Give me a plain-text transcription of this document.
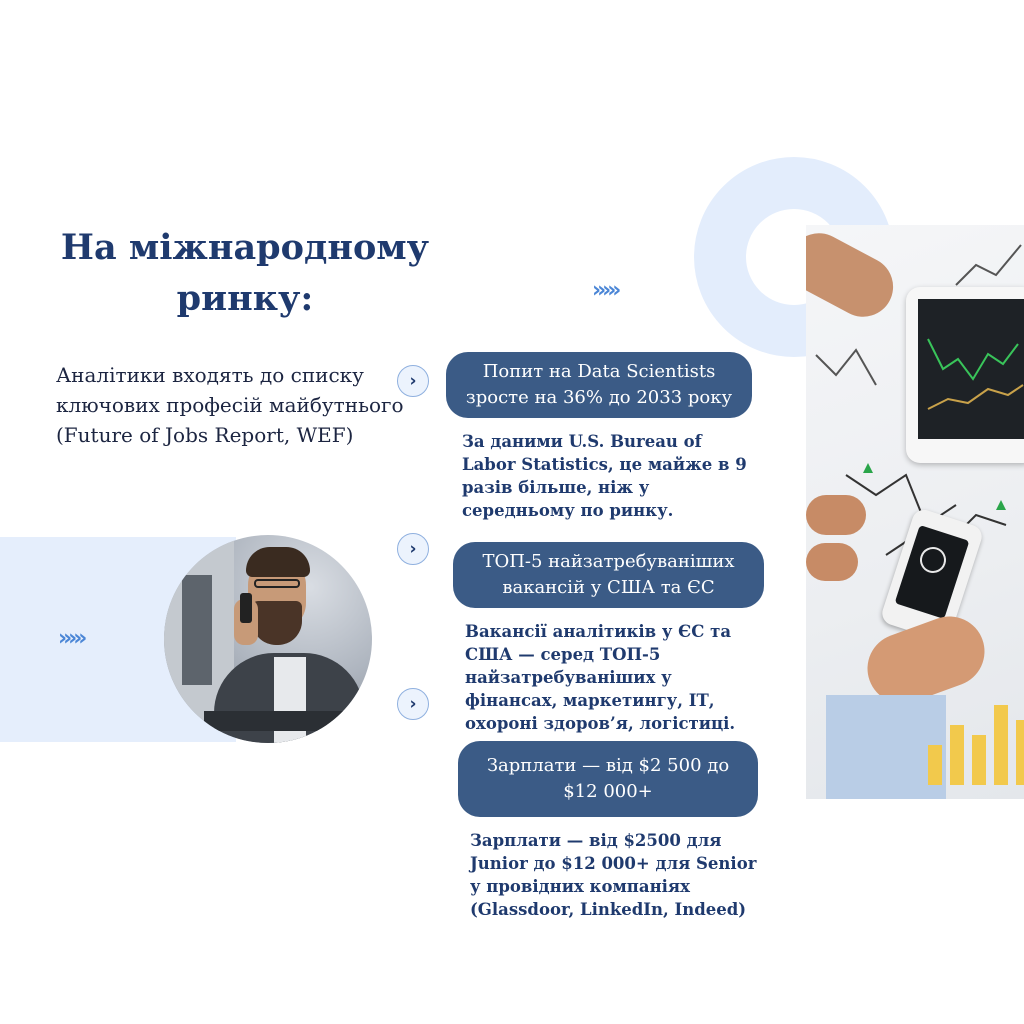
На міжнародному ринку:
Аналітики входять до списку ключових професій майбутнього (Future of Jobs Report, WEF)
›››››
›››››
›	Попит на Data Scientists зросте на 36% до 2033 року
За даними U.S. Bureau of Labor Statistics, це майже в 9 разів більше, ніж у середньому по ринку.
›
ТОП-5 найзатребуваніших вакансій у США та ЄС
Вакансії аналітиків у ЄС та США — серед ТОП-5 найзатребуваніших у фінансах, маркетингу, ІТ, охороні здоров’я, логістиці.
›
Зарплати — від $2 500 до $12 000+
Зарплати — від $2500 для Junior до $12 000+ для Senior у провідних компаніях (Glassdoor, LinkedIn, Indeed)
